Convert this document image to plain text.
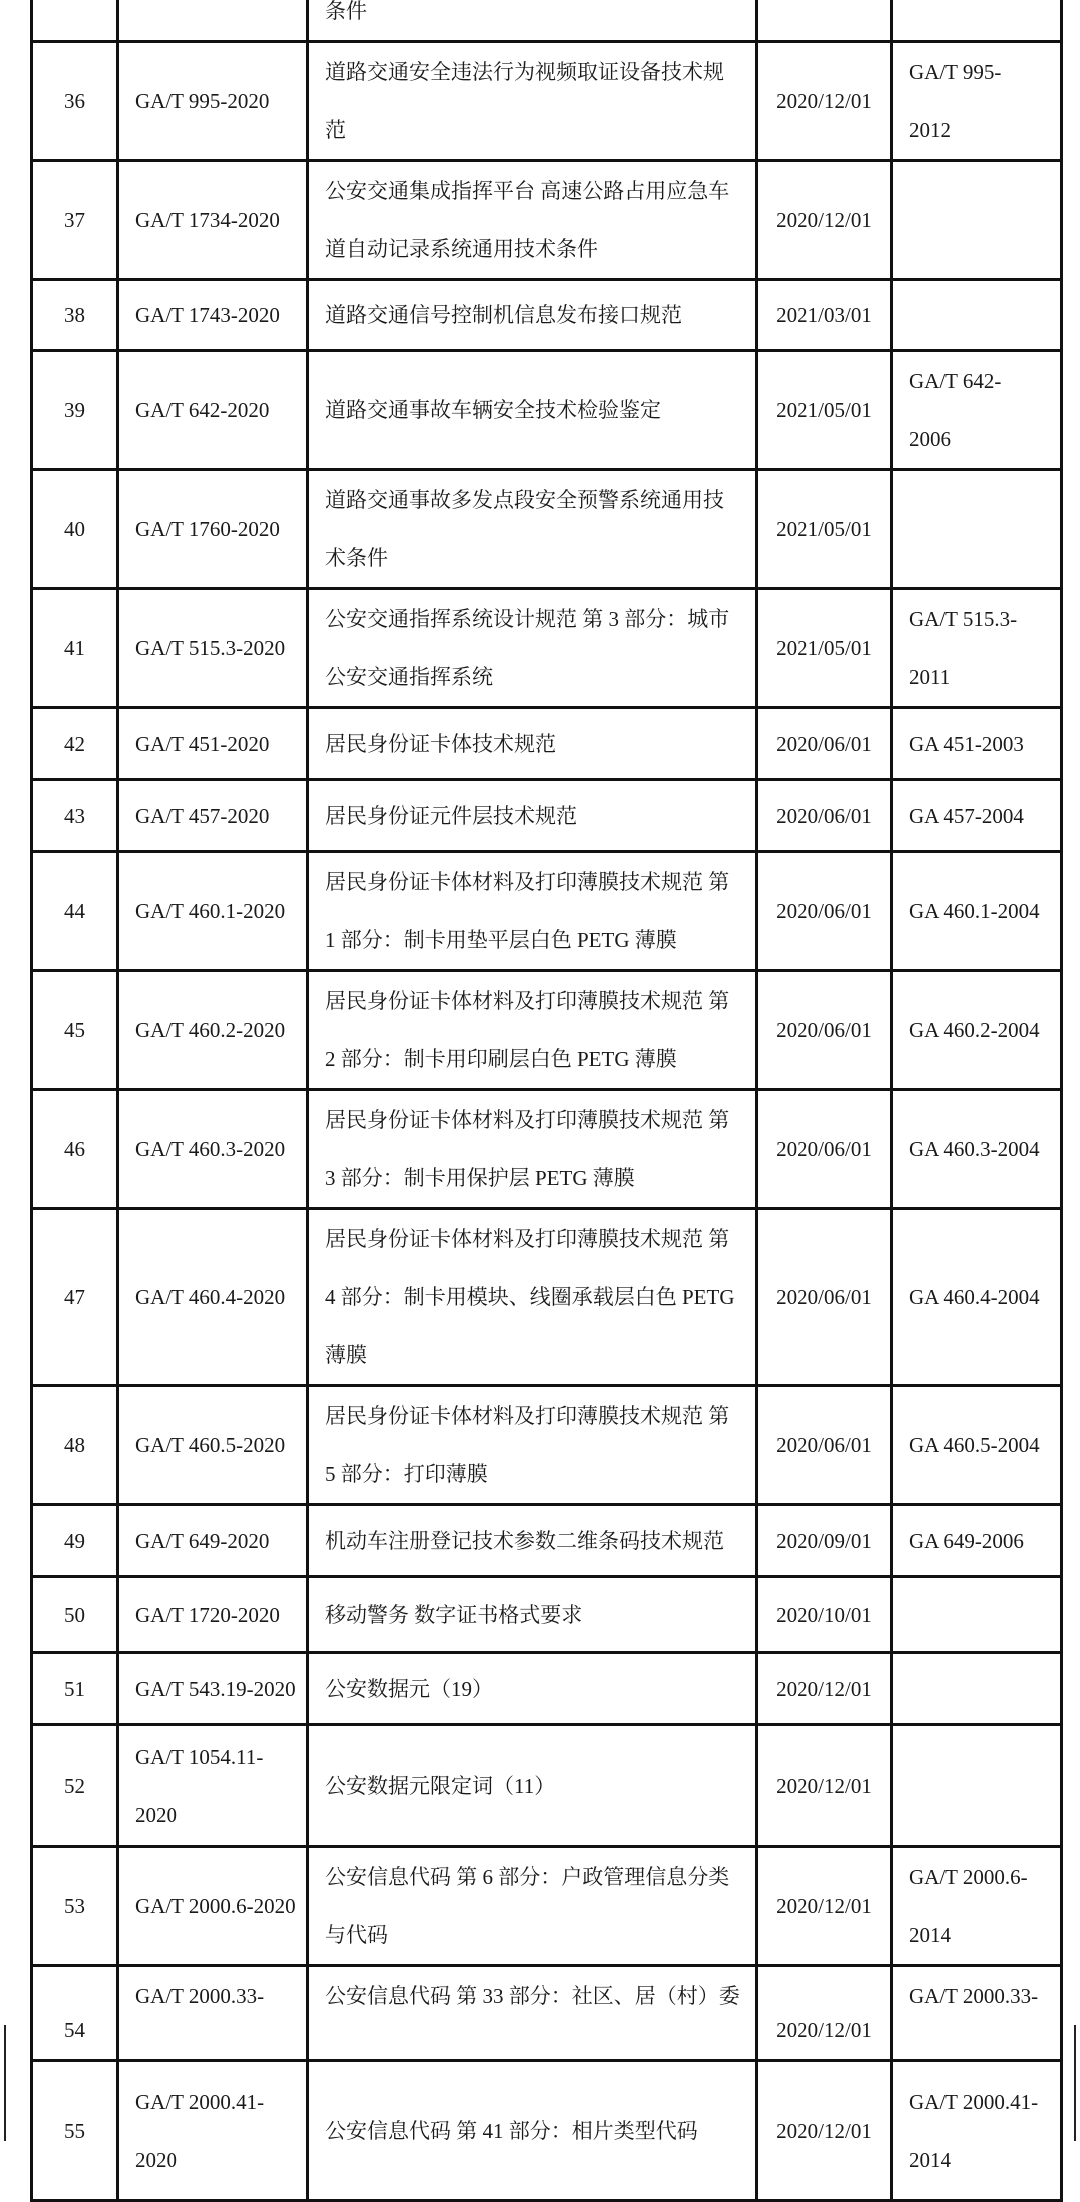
		条件		

36	GA/T 995-2020	道路交通安全违法行为视频取证设备技术规
范	2020/12/01	GA/T 995-
2012

37	GA/T 1734-2020	公安交通集成指挥平台 高速公路占用应急车
道自动记录系统通用技术条件	2020/12/01	
38	GA/T 1743-2020	道路交通信号控制机信息发布接口规范	2021/03/01	
39	GA/T 642-2020	道路交通事故车辆安全技术检验鉴定	2021/05/01	GA/T 642-
2006

40	GA/T 1760-2020	道路交通事故多发点段安全预警系统通用技
术条件	2021/05/01	
41	GA/T 515.3-2020	公安交通指挥系统设计规范 第 3 部分：城市
公安交通指挥系统	2021/05/01	GA/T 515.3-
2011

42	GA/T 451-2020	居民身份证卡体技术规范	2020/06/01	GA 451-2003

43	GA/T 457-2020	居民身份证元件层技术规范	2020/06/01	GA 457-2004

44	GA/T 460.1-2020	居民身份证卡体材料及打印薄膜技术规范 第
1 部分：制卡用垫平层白色 PETG 薄膜	2020/06/01	GA 460.1-2004

45	GA/T 460.2-2020	居民身份证卡体材料及打印薄膜技术规范 第
2 部分：制卡用印刷层白色 PETG 薄膜	2020/06/01	GA 460.2-2004

46	GA/T 460.3-2020	居民身份证卡体材料及打印薄膜技术规范 第
3 部分：制卡用保护层 PETG 薄膜	2020/06/01	GA 460.3-2004

47	GA/T 460.4-2020	居民身份证卡体材料及打印薄膜技术规范 第
4 部分：制卡用模块、线圈承载层白色 PETG
薄膜	2020/06/01	GA 460.4-2004

48	GA/T 460.5-2020	居民身份证卡体材料及打印薄膜技术规范 第
5 部分：打印薄膜	2020/06/01	GA 460.5-2004

49	GA/T 649-2020	机动车注册登记技术参数二维条码技术规范	2020/09/01	GA 649-2006

50	GA/T 1720-2020	移动警务 数字证书格式要求	2020/10/01	
51	GA/T 543.19-2020	公安数据元（19）	2020/12/01	
52	GA/T 1054.11-
2020	公安数据元限定词（11）	2020/12/01	
53	GA/T 2000.6-2020	公安信息代码 第 6 部分：户政管理信息分类
与代码	2020/12/01	GA/T 2000.6-
2014

54	GA/T 2000.33-	公安信息代码 第 33 部分：社区、居（村）委	2020/12/01	GA/T 2000.33-

55	GA/T 2000.41-
2020	公安信息代码 第 41 部分：相片类型代码	2020/12/01	GA/T 2000.41-
2014
